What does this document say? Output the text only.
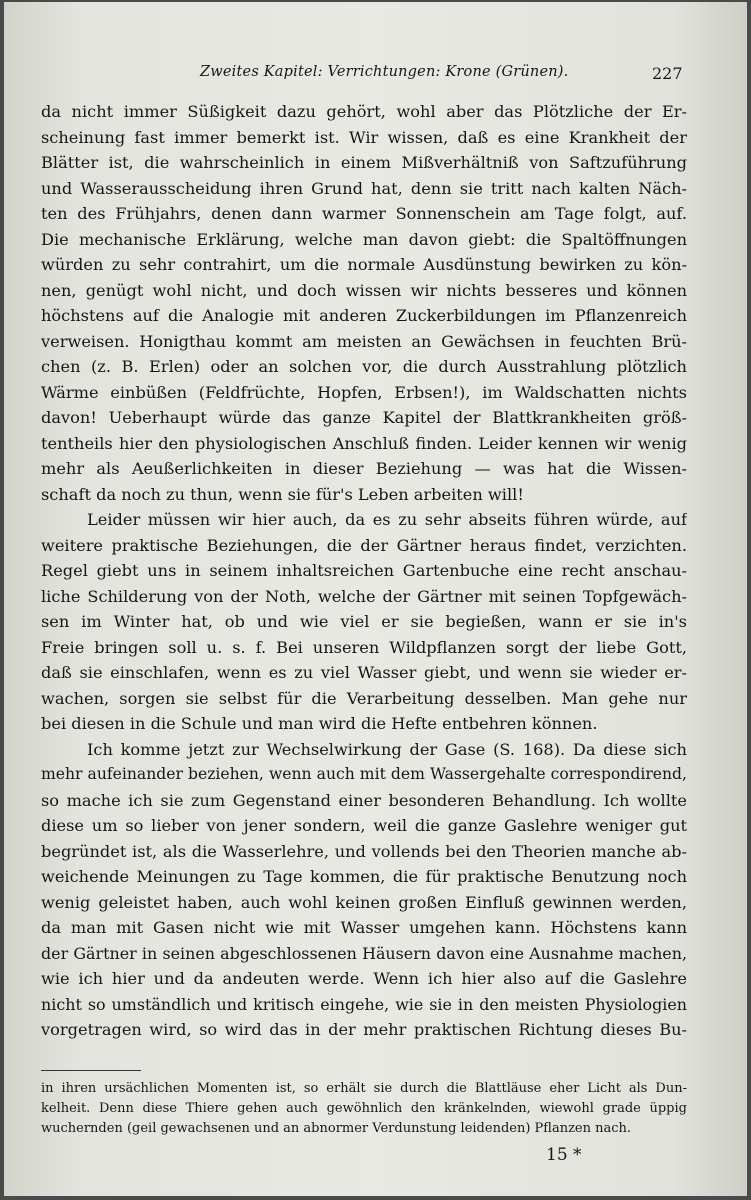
Zweites Kapitel: Verrichtungen: Krone (Grünen).	227
da nicht immer Süßigkeit dazu gehört, wohl aber das Plötzliche der Er-
scheinung fast immer bemerkt ist. Wir wissen, daß es eine Krankheit der
Blätter ist, die wahrscheinlich in einem Mißverhältniß von Saftzuführung
und Wasserausscheidung ihren Grund hat, denn sie tritt nach kalten Näch-
ten des Frühjahrs, denen dann warmer Sonnenschein am Tage folgt, auf.
Die mechanische Erklärung, welche man davon giebt: die Spaltöffnungen
würden zu sehr contrahirt, um die normale Ausdünstung bewirken zu kön-
nen, genügt wohl nicht, und doch wissen wir nichts besseres und können
höchstens auf die Analogie mit anderen Zuckerbildungen im Pflanzenreich
verweisen. Honigthau kommt am meisten an Gewächsen in feuchten Brü-
chen (z. B. Erlen) oder an solchen vor, die durch Ausstrahlung plötzlich
Wärme einbüßen (Feldfrüchte, Hopfen, Erbsen!), im Waldschatten nichts
davon! Ueberhaupt würde das ganze Kapitel der Blattkrankheiten größ-
tentheils hier den physiologischen Anschluß finden. Leider kennen wir wenig
mehr als Aeußerlichkeiten in dieser Beziehung — was hat die Wissen-
schaft da noch zu thun, wenn sie für's Leben arbeiten will!
Leider müssen wir hier auch, da es zu sehr abseits führen würde, auf
weitere praktische Beziehungen, die der Gärtner heraus findet, verzichten.
Regel giebt uns in seinem inhaltsreichen Gartenbuche eine recht anschau-
liche Schilderung von der Noth, welche der Gärtner mit seinen Topfgewäch-
sen im Winter hat, ob und wie viel er sie begießen, wann er sie in's
Freie bringen soll u. s. f. Bei unseren Wildpflanzen sorgt der liebe Gott,
daß sie einschlafen, wenn es zu viel Wasser giebt, und wenn sie wieder er-
wachen, sorgen sie selbst für die Verarbeitung desselben. Man gehe nur
bei diesen in die Schule und man wird die Hefte entbehren können.
Ich komme jetzt zur Wechselwirkung der Gase (S. 168). Da diese sich
mehr aufeinander beziehen, wenn auch mit dem Wassergehalte correspondirend,
so mache ich sie zum Gegenstand einer besonderen Behandlung. Ich wollte
diese um so lieber von jener sondern, weil die ganze Gaslehre weniger gut
begründet ist, als die Wasserlehre, und vollends bei den Theorien manche ab-
weichende Meinungen zu Tage kommen, die für praktische Benutzung noch
wenig geleistet haben, auch wohl keinen großen Einfluß gewinnen werden,
da man mit Gasen nicht wie mit Wasser umgehen kann. Höchstens kann
der Gärtner in seinen abgeschlossenen Häusern davon eine Ausnahme machen,
wie ich hier und da andeuten werde. Wenn ich hier also auf die Gaslehre
nicht so umständlich und kritisch eingehe, wie sie in den meisten Physiologien
vorgetragen wird, so wird das in der mehr praktischen Richtung dieses Bu-
in ihren ursächlichen Momenten ist, so erhält sie durch die Blattläuse eher Licht als Dun-
kelheit. Denn diese Thiere gehen auch gewöhnlich den kränkelnden, wiewohl grade üppig
wuchernden (geil gewachsenen und an abnormer Verdunstung leidenden) Pflanzen nach.
15 *
